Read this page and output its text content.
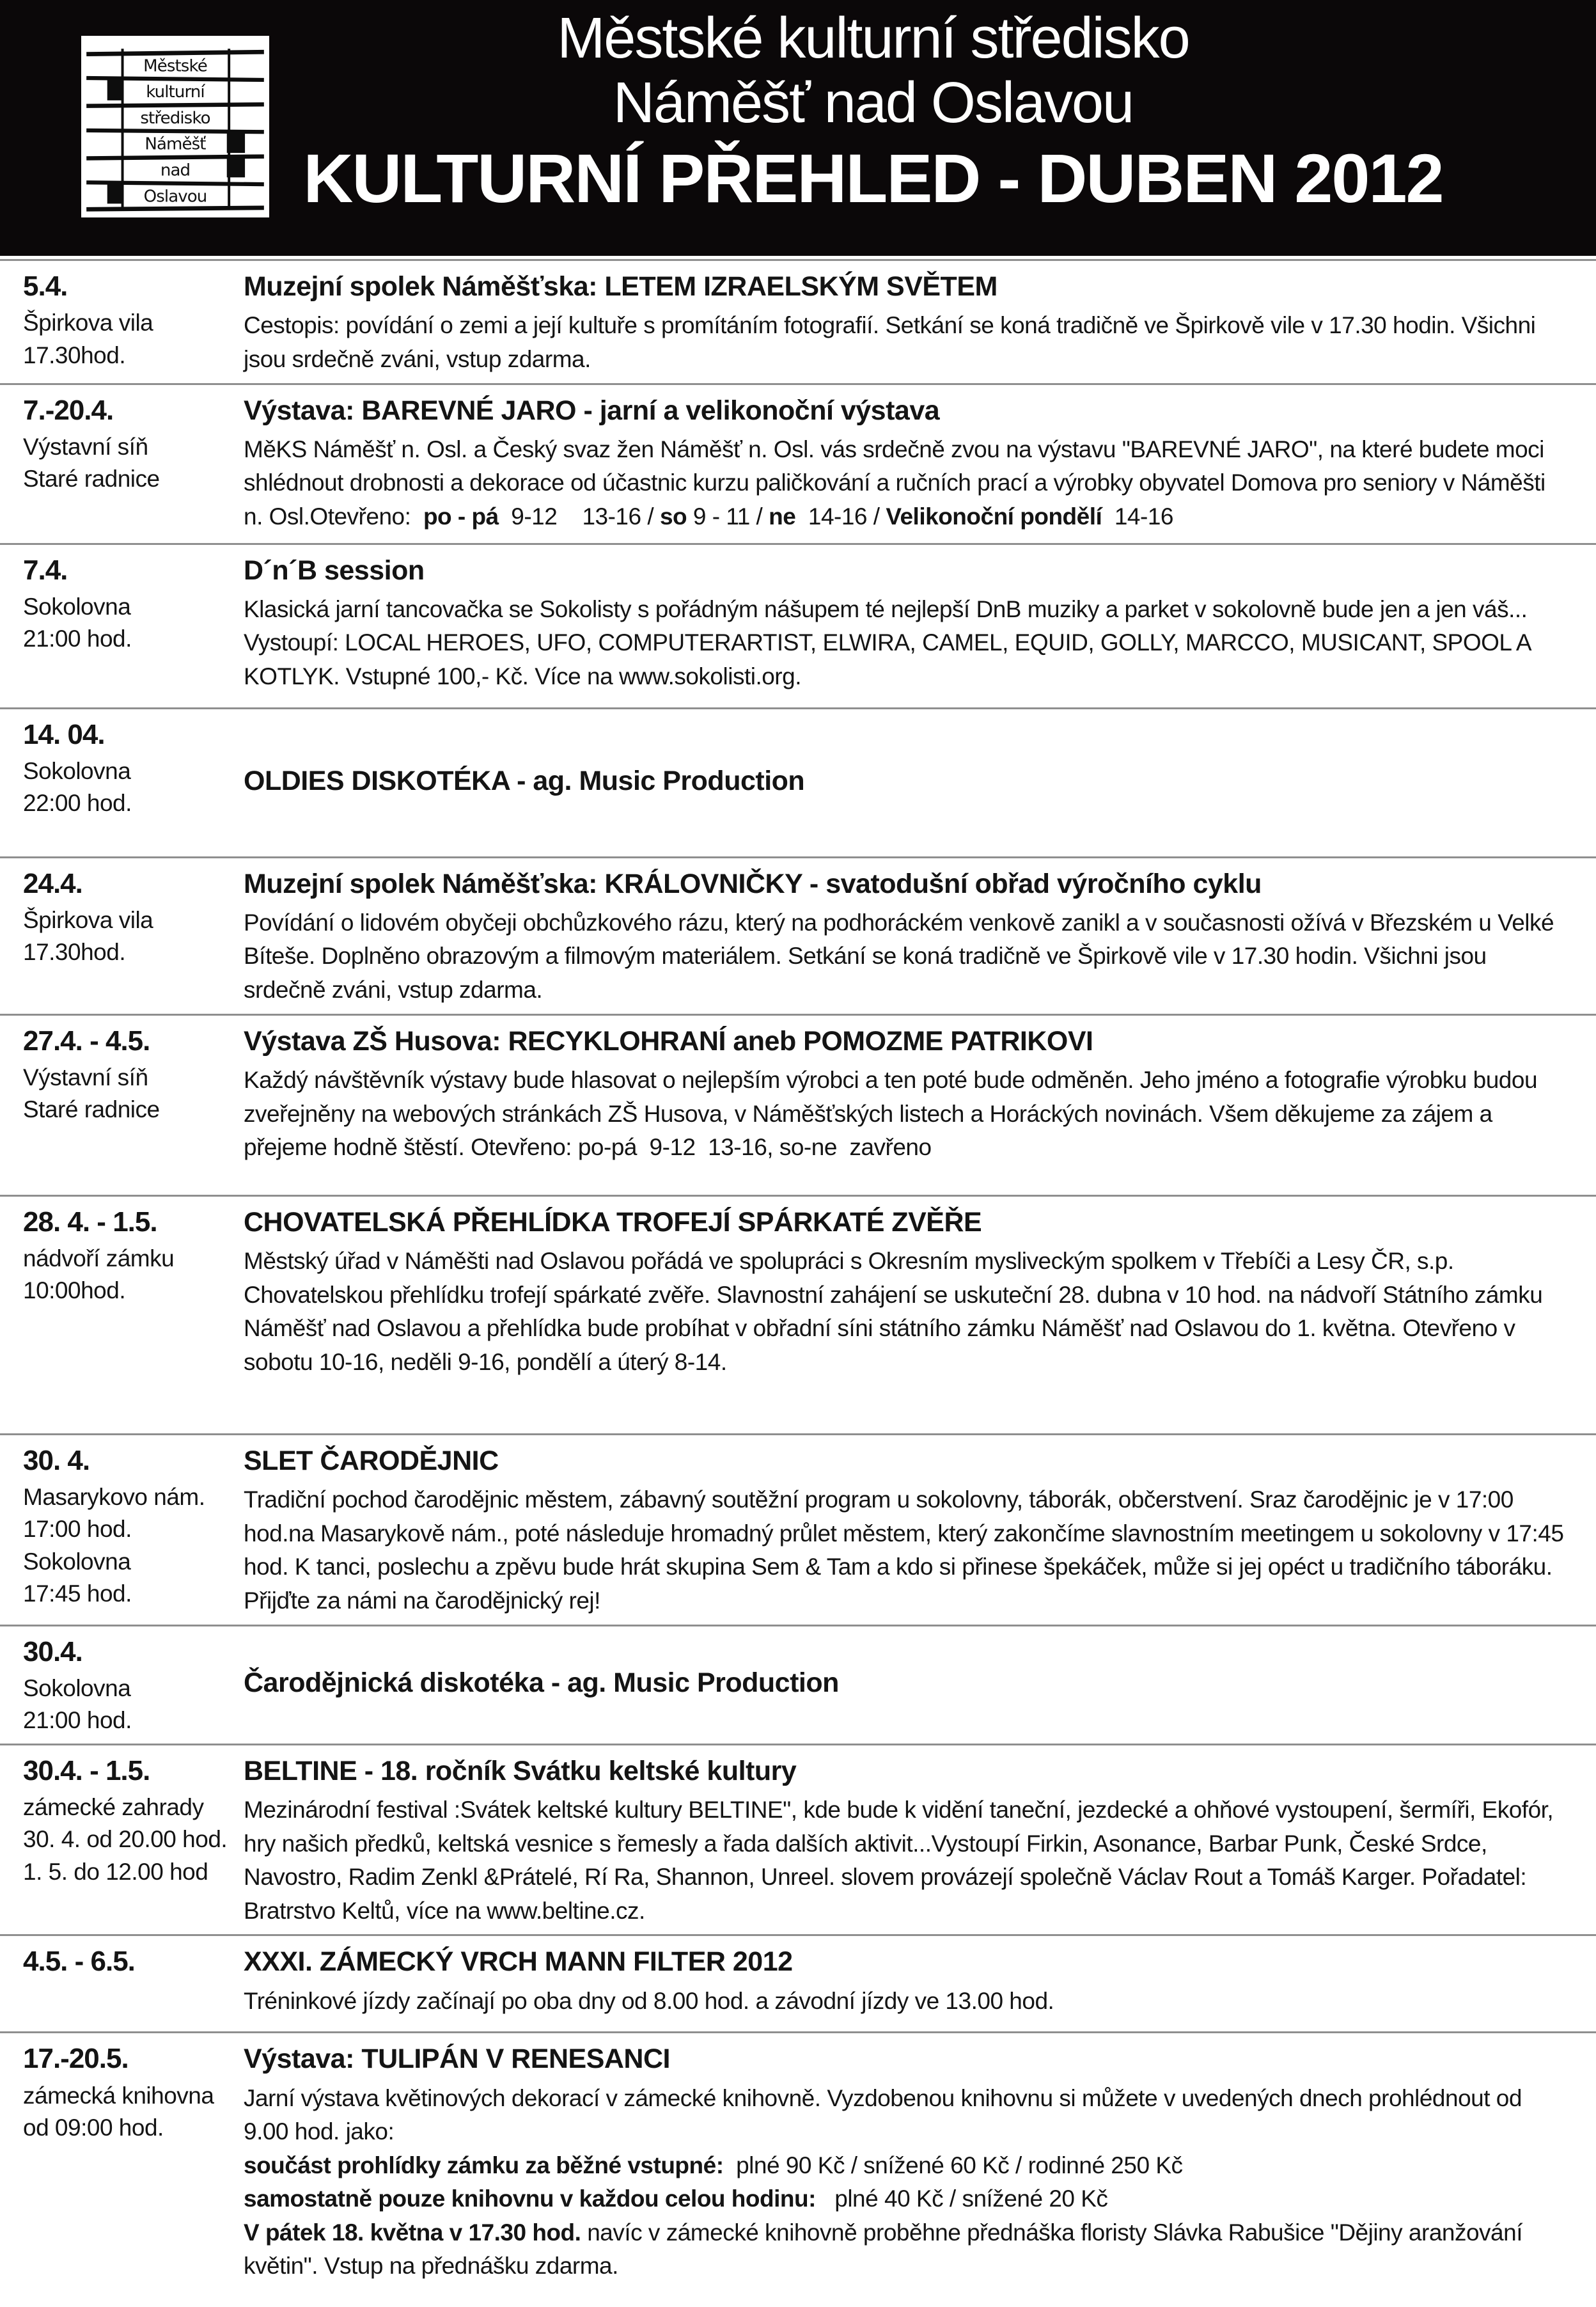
Městské
kulturní
středisko
Náměšť
nad
Oslavou
Městské kulturní středisko
Náměšť nad Oslavou
KULTURNÍ PŘEHLED - DUBEN 2012
5.4.
Špirkova vila
17.30hod.
Muzejní spolek Náměšťska: LETEM IZRAELSKÝM SVĚTEM

Cestopis: povídání o zemi a její kultuře s promítáním fotografií. Setkání se koná tradičně ve Špirkově vile v 17.30 hodin. Všichni jsou srdečně zváni, vstup zdarma.

7.-20.4.
Výstavní síň
Staré radnice
Výstava: BAREVNÉ JARO - jarní a velikonoční výstava

MěKS Náměšť n. Osl. a Český svaz žen Náměšť n. Osl. vás srdečně zvou na výstavu "BAREVNÉ JARO", na které budete moci shlédnout drobnosti a dekorace od účastnic kurzu paličkování a ručních prací a výrobky obyvatel Domova pro seniory v Náměšti n. Osl.Otevřeno:  po - pá  9-12    13-16 / so 9 - 11 / ne  14-16 / Velikonoční pondělí  14-16

7.4.
Sokolovna
21:00 hod.
D´n´B session

Klasická jarní tancovačka se Sokolisty s pořádným nášupem té nejlepší DnB muziky a parket v sokolovně bude jen a jen váš... Vystoupí: LOCAL HEROES, UFO, COMPUTERARTIST, ELWIRA, CAMEL, EQUID, GOLLY, MARCCO, MUSICANT, SPOOL A KOTLYK. Vstupné 100,- Kč. Více na www.sokolisti.org.

14. 04.
Sokolovna
22:00 hod.
OLDIES DISKOTÉKA - ag. Music Production
24.4.
Špirkova vila
17.30hod.
Muzejní spolek Náměšťska: KRÁLOVNIČKY - svatodušní obřad výročního cyklu

Povídání o lidovém obyčeji obchůzkového rázu, který na podhoráckém venkově zanikl a v současnosti ožívá v Březském u Velké Bíteše. Doplněno obrazovým a filmovým materiálem. Setkání se koná tradičně ve Špirkově vile v 17.30 hodin. Všichni jsou srdečně zváni, vstup zdarma.

27.4. - 4.5.
Výstavní síň
Staré radnice
Výstava ZŠ Husova: RECYKLOHRANÍ aneb POMOZME PATRIKOVI

Každý návštěvník výstavy bude hlasovat o nejlepším výrobci a ten poté bude odměněn. Jeho jméno a fotografie výrobku budou zveřejněny na webových stránkách ZŠ Husova, v Náměšťských listech a Horáckých novinách. Všem děkujeme za zájem a přejeme hodně štěstí. Otevřeno: po-pá  9-12  13-16, so-ne  zavřeno

28. 4. - 1.5.
nádvoří zámku
10:00hod.
CHOVATELSKÁ PŘEHLÍDKA TROFEJÍ SPÁRKATÉ ZVĚŘE

Městský úřad v Náměšti nad Oslavou pořádá ve spolupráci s Okresním mysliveckým spolkem v Třebíči a Lesy ČR, s.p. Chovatelskou přehlídku trofejí spárkaté zvěře. Slavnostní zahájení se uskuteční 28. dubna v 10 hod. na nádvoří Státního zámku Náměšť nad Oslavou a přehlídka bude probíhat v obřadní síni státního zámku Náměšť nad Oslavou do 1. května. Otevřeno v sobotu 10-16, neděli 9-16, pondělí a úterý 8-14.

30. 4.
Masarykovo nám.
17:00 hod.
Sokolovna
17:45 hod.
SLET ČARODĚJNIC

Tradiční pochod čarodějnic městem, zábavný soutěžní program u sokolovny, táborák, občerstvení. Sraz čarodějnic je v 17:00 hod.na Masarykově nám., poté následuje hromadný průlet městem, který zakončíme slavnostním meetingem u sokolovny v 17:45 hod. K tanci, poslechu a zpěvu bude hrát skupina Sem & Tam a kdo si přinese špekáček, může si jej opéct u tradičního táboráku. Přijďte za námi na čarodějnický rej!

30.4.
Sokolovna
21:00 hod.
Čarodějnická diskotéka - ag. Music Production
30.4. - 1.5.
zámecké zahrady
30. 4. od 20.00 hod.
1. 5. do 12.00 hod
BELTINE - 18. ročník Svátku keltské kultury

Mezinárodní festival :Svátek keltské kultury BELTINE", kde bude k vidění taneční, jezdecké a ohňové vystoupení, šermíři, Ekofór, hry našich předků, keltská vesnice s řemesly a řada dalších aktivit...Vystoupí Firkin, Asonance, Barbar Punk, České Srdce, Navostro, Radim Zenkl &Prátelé, Rí Ra, Shannon, Unreel. slovem provázejí společně Václav Rout a Tomáš Karger. Pořadatel: Bratrstvo Keltů, více na www.beltine.cz.

4.5. - 6.5.	XXXI. ZÁMECKÝ VRCH MANN FILTER 2012

Tréninkové jízdy začínají po oba dny od 8.00 hod. a závodní jízdy ve 13.00 hod.

17.-20.5.
zámecká knihovna
od 09:00 hod.
Výstava: TULIPÁN V RENESANCI

Jarní výstava květinových dekorací v zámecké knihovně. Vyzdobenou knihovnu si můžete v uvedených dnech prohlédnout od 9.00 hod. jako:

součást prohlídky zámku za běžné vstupné:  plné 90 Kč / snížené 60 Kč / rodinné 250 Kč

samostatně pouze knihovnu v každou celou hodinu:   plné 40 Kč / snížené 20 Kč

V pátek 18. května v 17.30 hod. navíc v zámecké knihovně proběhne přednáška floristy Slávka Rabušice "Dějiny aranžování květin". Vstup na přednášku zdarma.
